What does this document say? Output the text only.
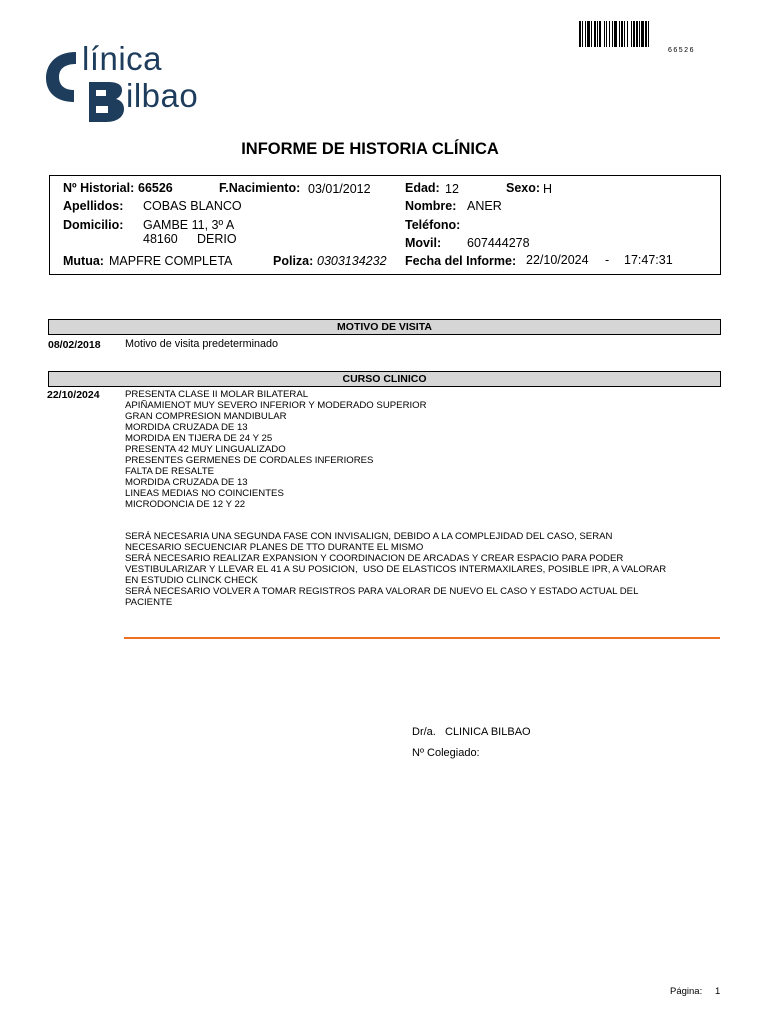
línica
ilbao
66526
INFORME DE HISTORIA CLÍNICA
Nº Historial: 66526	F.Nacimiento: 03/01/2012	Edad: 12	Sexo: H
Apellidos: COBAS BLANCO	Nombre: ANER
Domicilio: GAMBE 11, 3º A
48160 DERIO
Teléfono:
Movil: 607444278
Mutua: MAPFRE COMPLETA	Poliza: 0303134232 Fecha del Informe: 22/10/2024 - 17:47:31
MOTIVO DE VISITA
08/02/2018 Motivo de visita predeterminado
CURSO CLINICO
22/10/2024	PRESENTA CLASE II MOLAR BILATERAL
APIÑAMIENOT MUY SEVERO INFERIOR Y MODERADO SUPERIOR
GRAN COMPRESION MANDIBULAR
MORDIDA CRUZADA DE 13
MORDIDA EN TIJERA DE 24 Y 25
PRESENTA 42 MUY LINGUALIZADO
PRESENTES GERMENES DE CORDALES INFERIORES
FALTA DE RESALTE
MORDIDA CRUZADA DE 13
LINEAS MEDIAS NO COINCIENTES
MICRODONCIA DE 12 Y 22
SERÁ NECESARIA UNA SEGUNDA FASE CON INVISALIGN, DEBIDO A LA COMPLEJIDAD DEL CASO, SERAN
NECESARIO SECUENCIAR PLANES DE TTO DURANTE EL MISMO
SERÁ NECESARIO REALIZAR EXPANSION Y COORDINACION DE ARCADAS Y CREAR ESPACIO PARA PODER
VESTIBULARIZAR Y LLEVAR EL 41 A SU POSICION,  USO DE ELASTICOS INTERMAXILARES, POSIBLE IPR, A VALORAR
EN ESTUDIO CLINCK CHECK
SERÁ NECESARIO VOLVER A TOMAR REGISTROS PARA VALORAR DE NUEVO EL CASO Y ESTADO ACTUAL DEL
PACIENTE
Dr/a. CLINICA BILBAO
Nº Colegiado:
Página: 1
